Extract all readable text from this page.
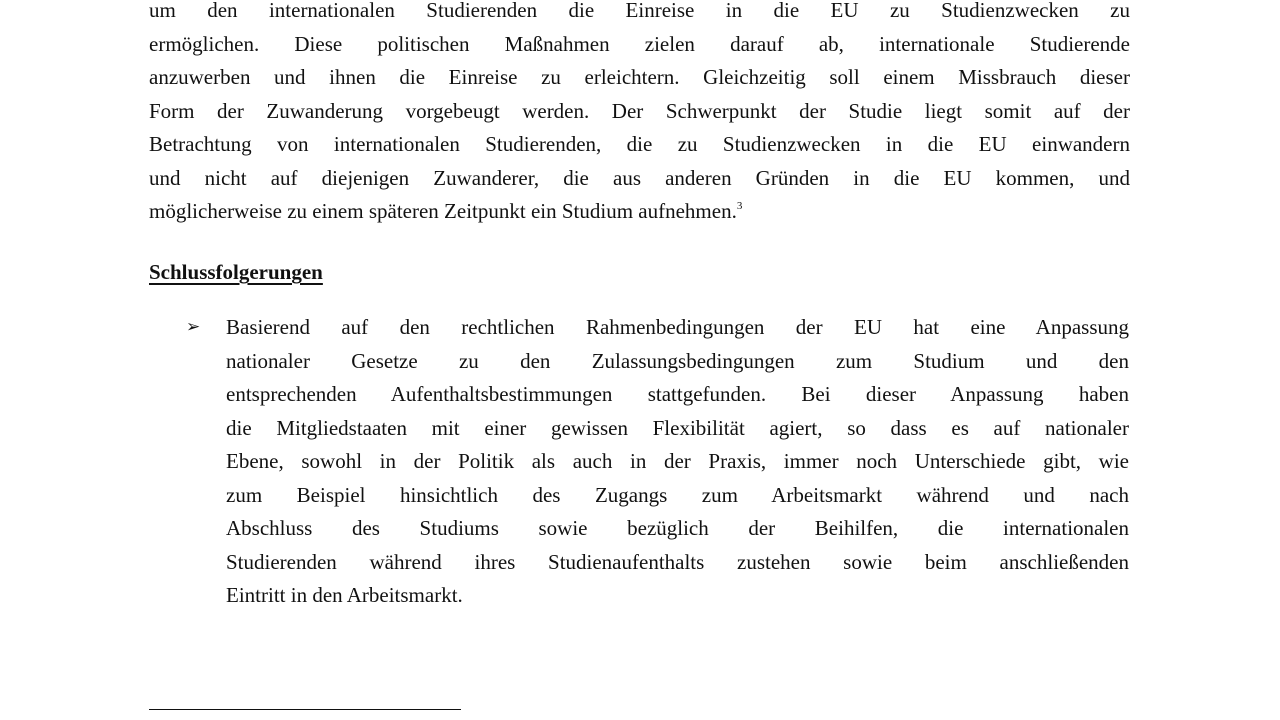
um den internationalen Studierenden die Einreise in die EU zu Studienzwecken zu
ermöglichen. Diese politischen Maßnahmen zielen darauf ab, internationale Studierende
anzuwerben und ihnen die Einreise zu erleichtern. Gleichzeitig soll einem Missbrauch dieser
Form der Zuwanderung vorgebeugt werden. Der Schwerpunkt der Studie liegt somit auf der
Betrachtung von internationalen Studierenden, die zu Studienzwecken in die EU einwandern
und nicht auf diejenigen Zuwanderer, die aus anderen Gründen in die EU kommen, und
möglicherweise zu einem späteren Zeitpunkt ein Studium aufnehmen.$^3$

Schlussfolgerungen
➢ Basierend auf den rechtlichen Rahmenbedingungen der EU hat eine Anpassung
nationaler Gesetze zu den Zulassungsbedingungen zum Studium und den
entsprechenden Aufenthaltsbestimmungen stattgefunden. Bei dieser Anpassung haben
die Mitgliedstaaten mit einer gewissen Flexibilität agiert, so dass es auf nationaler
Ebene, sowohl in der Politik als auch in der Praxis, immer noch Unterschiede gibt, wie
zum Beispiel hinsichtlich des Zugangs zum Arbeitsmarkt während und nach
Abschluss des Studiums sowie bezüglich der Beihilfen, die internationalen
Studierenden während ihres Studienaufenthalts zustehen sowie beim anschließenden
Eintritt in den Arbeitsmarkt.
